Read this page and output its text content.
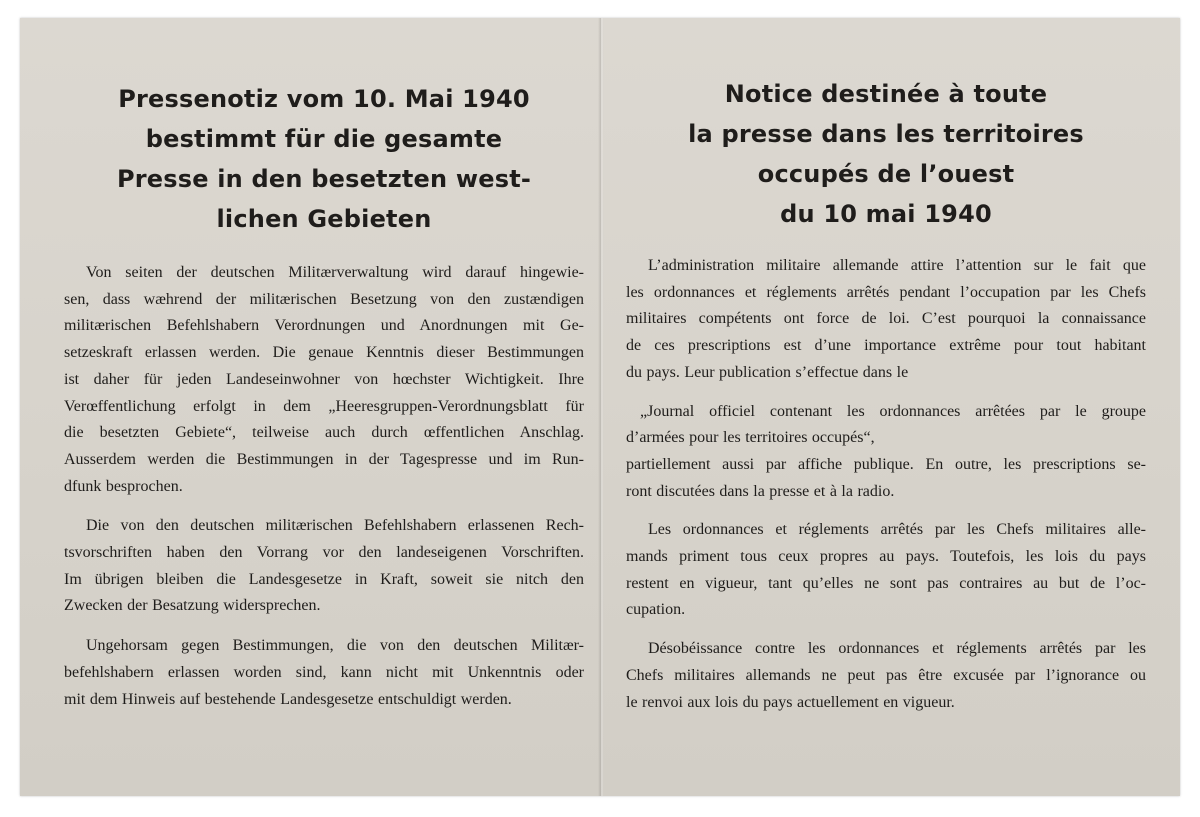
Pressenotiz vom 10. Mai 1940
bestimmt für die gesamte
Presse in den besetzten west-
lichen Gebieten

Von seiten der deutschen Militærverwaltung wird darauf hingewie-
sen, dass wæhrend der militærischen Besetzung von den zustændigen
militærischen Befehlshabern Verordnungen und Anordnungen mit Ge-
setzeskraft erlassen werden. Die genaue Kenntnis dieser Bestimmungen
ist daher für jeden Landeseinwohner von hœchster Wichtigkeit. Ihre
Verœffentlichung erfolgt in dem „Heeresgruppen-Verordnungsblatt für
die besetzten Gebiete“, teilweise auch durch œffentlichen Anschlag.
Ausserdem werden die Bestimmungen in der Tagespresse und im Run-
dfunk besprochen.

Die von den deutschen militærischen Befehlshabern erlassenen Rech-
tsvorschriften haben den Vorrang vor den landeseigenen Vorschriften.
Im übrigen bleiben die Landesgesetze in Kraft, soweit sie nitch den
Zwecken der Besatzung widersprechen.

Ungehorsam gegen Bestimmungen, die von den deutschen Militær-
befehlshabern erlassen worden sind, kann nicht mit Unkenntnis oder
mit dem Hinweis auf bestehende Landesgesetze entschuldigt werden.

Notice destinée à toute
la presse dans les territoires
occupés de l’ouest
du 10 mai 1940

L’administration militaire allemande attire l’attention sur le fait que
les ordonnances et réglements arrêtés pendant l’occupation par les Chefs
militaires compétents ont force de loi. C’est pourquoi la connaissance
de ces prescriptions est d’une importance extrême pour tout habitant
du pays. Leur publication s’effectue dans le

„Journal officiel contenant les ordonnances arrêtées par le groupe
d’armées pour les territoires occupés“,
partiellement aussi par affiche publique. En outre, les prescriptions se-
ront discutées dans la presse et à la radio.

Les ordonnances et réglements arrêtés par les Chefs militaires alle-
mands priment tous ceux propres au pays. Toutefois, les lois du pays
restent en vigueur, tant qu’elles ne sont pas contraires au but de l’oc-
cupation.

Désobéissance contre les ordonnances et réglements arrêtés par les
Chefs militaires allemands ne peut pas être excusée par l’ignorance ou
le renvoi aux lois du pays actuellement en vigueur.
